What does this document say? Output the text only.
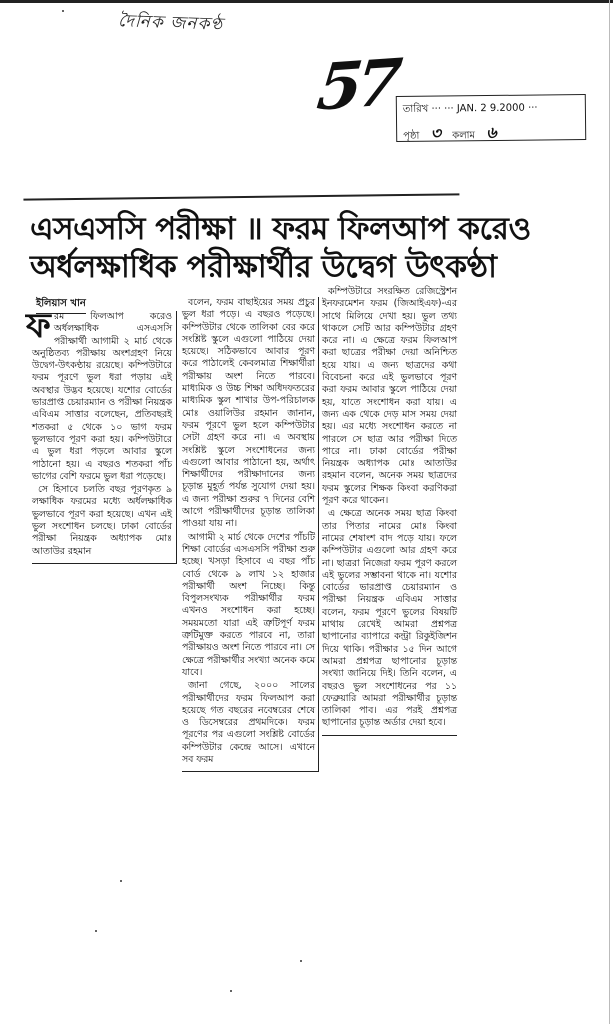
দৈনিক জনকণ্ঠ
57 তারিখ ··· ··· JAN. 2 9.2000 ···
পৃষ্ঠা ৩ কলাম ৬
এসএসসি পরীক্ষা ॥ ফরম ফিলআপ করেও
অর্ধলক্ষাধিক পরীক্ষার্থীর উদ্বেগ উৎকণ্ঠা
ইলিয়াস খান

ফরম ফিলআপ করেও অর্ধলক্ষাধিক এসএসসি পরীক্ষার্থী আগামী ২ মার্চ থেকে অনুষ্ঠিতব্য পরীক্ষায় অংশগ্রহণ নিয়ে উদ্বেগ-উৎকণ্ঠায় রয়েছে। কম্পিউটারে ফরম পূরণে ভুল ধরা পড়ায় এই অবস্থার উদ্ভব হয়েছে। যশোর বোর্ডের ভারপ্রাপ্ত চেয়ারম্যান ও পরীক্ষা নিয়ন্ত্রক এবিএম সাত্তার বলেছেন, প্রতিবছরই শতকরা ৫ থেকে ১০ ভাগ ফরম ভুলভাবে পূরণ করা হয়। কম্পিউটারে এ ভুল ধরা পড়লে আবার স্কুলে পাঠানো হয়। এ বছরও শতকরা পাঁচ ভাগের বেশি ফরমে ভুল ধরা পড়েছে।

সে হিসাবে চলতি বছর পূরণকৃত ৯ লক্ষাধিক ফরমের মধ্যে অর্ধলক্ষাধিক ভুলভাবে পূরণ করা হয়েছে। এখন এই ভুল সংশোধন চলছে। ঢাকা বোর্ডের পরীক্ষা নিয়ন্ত্রক অধ্যাপক মোঃ আতাউর রহমান

বলেন, ফরম বাছাইয়ের সময় প্রচুর ভুল ধরা পড়ে। এ বছরও পড়েছে। কম্পিউটার থেকে তালিকা বের করে সংশ্লিষ্ট স্কুলে এগুলো পাঠিয়ে দেয়া হয়েছে। সঠিকভাবে আবার পূরণ করে পাঠালেই কেবলমাত্র শিক্ষার্থীরা পরীক্ষায় অংশ নিতে পারবে। মাধ্যমিক ও উচ্চ শিক্ষা অধিদফতরের মাধ্যমিক স্কুল শাখার উপ-পরিচালক মোঃ ওয়ালিউর রহমান জানান, ফরম পূরণে ভুল হলে কম্পিউটার সেটা গ্রহণ করে না। এ অবস্থায় সংশ্লিষ্ট স্কুলে সংশোধনের জন্য এগুলো আবার পাঠানো হয়, অর্থাৎ শিক্ষার্থীদের পরীক্ষাদানের জন্য চূড়ান্ত মুহূর্ত পর্যন্ত সুযোগ দেয়া হয়। এ জন্য পরীক্ষা শুরুর ৭ দিনের বেশি আগে পরীক্ষার্থীদের চূড়ান্ত তালিকা পাওয়া যায় না।

আগামী ২ মার্চ থেকে দেশের পাঁচটি শিক্ষা বোর্ডের এসএসসি পরীক্ষা শুরু হচ্ছে। খসড়া হিসাবে এ বছর পাঁচ বোর্ড থেকে ৯ লাখ ১২ হাজার পরীক্ষার্থী অংশ নিচ্ছে। কিন্তু বিপুলসংখ্যক পরীক্ষার্থীর ফরম এখনও সংশোধন করা হচ্ছে। সময়মতো যারা এই ত্রুটিপূর্ণ ফরম ত্রুটিমুক্ত করতে পারবে না, তারা পরীক্ষায়ও অংশ নিতে পারবে না। সে ক্ষেত্রে পরীক্ষার্থীর সংখ্যা অনেক কমে যাবে।

জানা গেছে, ২০০০ সালের পরীক্ষার্থীদের ফরম ফিলআপ করা হয়েছে গত বছরের নবেম্বরের শেষে ও ডিসেম্বরের প্রথমদিকে। ফরম পূরণের পর এগুলো সংশ্লিষ্ট বোর্ডের কম্পিউটার কেন্দ্রে আসে। এখানে সব ফরম

কম্পিউটারে সংরক্ষিত রেজিস্ট্রেশন ইনফরমেশন ফরম (জিআইএফ)-এর সাথে মিলিয়ে দেখা হয়। ভুল তথ্য থাকলে সেটি আর কম্পিউটার গ্রহণ করে না। এ ক্ষেত্রে ফরম ফিলআপ করা ছাত্রের পরীক্ষা দেয়া অনিশ্চিত হয়ে যায়। এ জন্য ছাত্রদের কথা বিবেচনা করে এই ভুলভাবে পূরণ করা ফরম আবার স্কুলে পাঠিয়ে দেয়া হয়, যাতে সংশোধন করা যায়। এ জন্য এক থেকে দেড় মাস সময় দেয়া হয়। এর মধ্যে সংশোধন করতে না পারলে সে ছাত্র আর পরীক্ষা দিতে পারে না। ঢাকা বোর্ডের পরীক্ষা নিয়ন্ত্রক অধ্যাপক মোঃ আতাউর রহমান বলেন, অনেক সময় ছাত্রদের ফরম স্কুলের শিক্ষক কিংবা করণিকরা পূরণ করে থাকেন।

এ ক্ষেত্রে অনেক সময় ছাত্র কিংবা তার পিতার নামের মোঃ কিংবা নামের শেষাংশ বাদ পড়ে যায়। ফলে কম্পিউটার এগুলো আর গ্রহণ করে না। ছাত্ররা নিজেরা ফরম পূরণ করলে এই ভুলের সম্ভাবনা থাকে না। যশোর বোর্ডের ভারপ্রাপ্ত চেয়ারম্যান ও পরীক্ষা নিয়ন্ত্রক এবিএম সাত্তার বলেন, ফরম পূরণে ভুলের বিষয়টি মাথায় রেখেই আমরা প্রশ্নপত্র ছাপানোর ব্যাপারে কন্ট্রা রিকুইজিশন দিয়ে থাকি। পরীক্ষার ১৫ দিন আগে আমরা প্রশ্নপত্র ছাপানোর চূড়ান্ত সংখ্যা জানিয়ে দিই। তিনি বলেন, এ বছরও ভুল সংশোধনের পর ১১ ফেব্রুয়ারি আমরা পরীক্ষার্থীর চূড়ান্ত তালিকা পাব। এর পরই প্রশ্নপত্র ছাপানোর চূড়ান্ত অর্ডার দেয়া হবে।
